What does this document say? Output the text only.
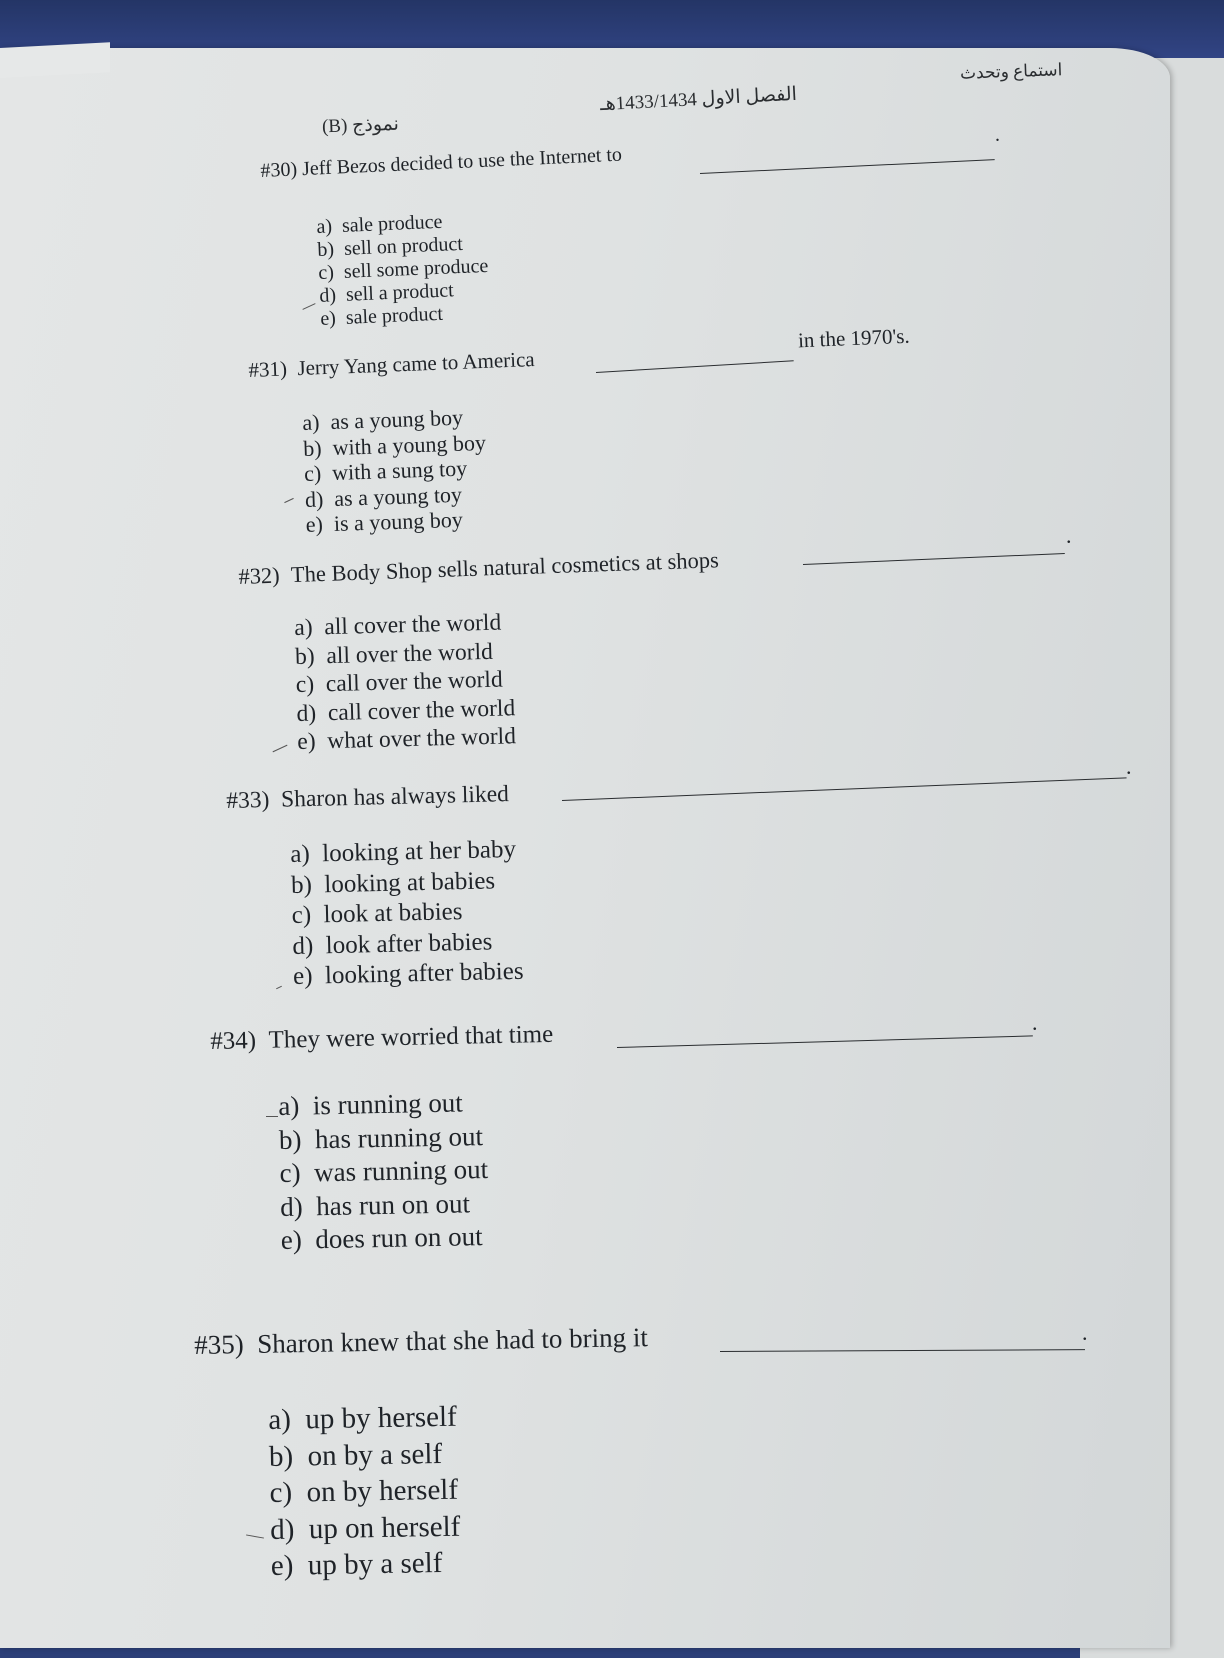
استماع وتحدث
الفصل الاول 1433/1434هـ
نموذج (B)
#30) Jeff Bezos decided to use the Internet to
.
a) sale produce
b) sell on product
c) sell some produce
d) sell a product
e) sale product
#31) Jerry Yang came to America
in the 1970's.
a) as a young boy
b) with a young boy
c) with a sung toy
d) as a young toy
e) is a young boy
#32) The Body Shop sells natural cosmetics at shops
.
a) all cover the world
b) all over the world
c) call over the world
d) call cover the world
e) what over the world
#33) Sharon has always liked
.
a) looking at her baby
b) looking at babies
c) look at babies
d) look after babies
e) looking after babies
#34) They were worried that time	.
a) is running out
b) has running out
c) was running out
d) has run on out
e) does run on out
#35) Sharon knew that she had to bring it	.
a) up by herself
b) on by a self
c) on by herself
d) up on herself
e) up by a self
